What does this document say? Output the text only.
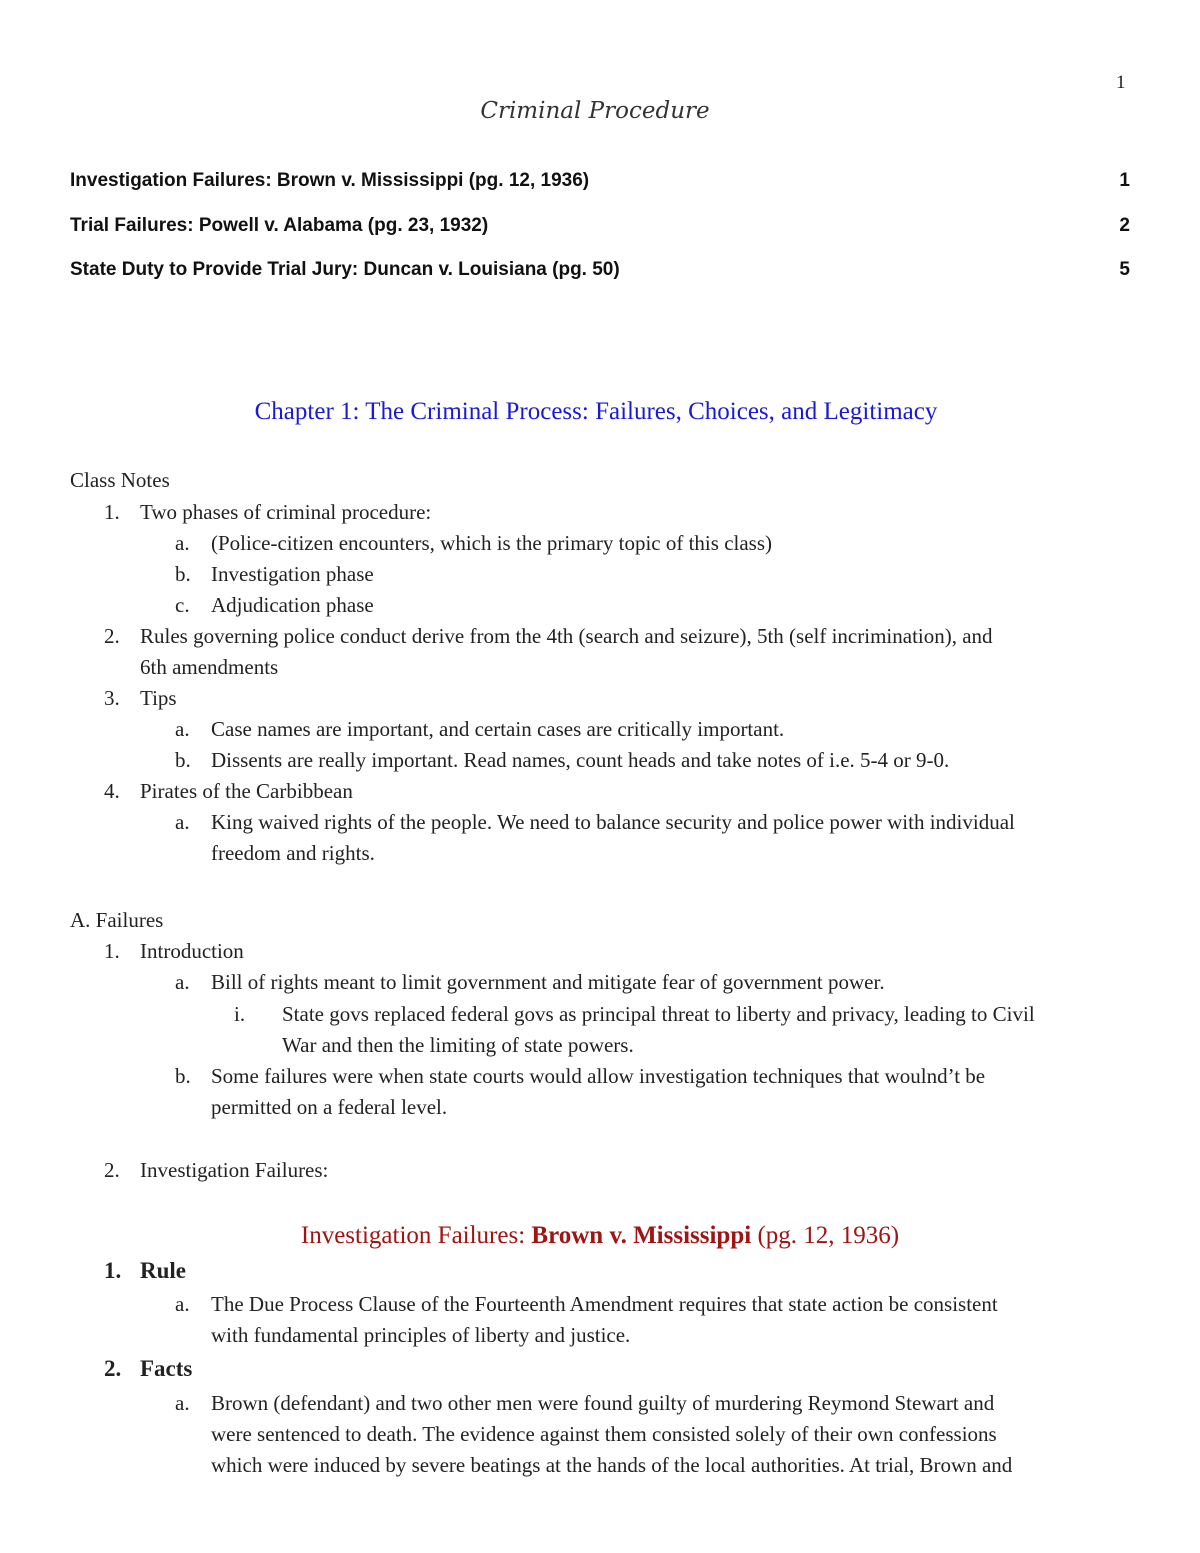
1
Criminal Procedure
Investigation Failures: Brown v. Mississippi (pg. 12, 1936)	1
Trial Failures: Powell v. Alabama (pg. 23, 1932)	2
State Duty to Provide Trial Jury: Duncan v. Louisiana (pg. 50)	5
Chapter 1: The Criminal Process: Failures, Choices, and Legitimacy
Class Notes
1. Two phases of criminal procedure:
a. (Police-citizen encounters, which is the primary topic of this class)
b. Investigation phase
c. Adjudication phase
2. Rules governing police conduct derive from the 4th (search and seizure), 5th (self incrimination), and
6th amendments
3. Tips
a. Case names are important, and certain cases are critically important.
b. Dissents are really important. Read names, count heads and take notes of i.e. 5-4 or 9-0.
4. Pirates of the Carbibbean
a. King waived rights of the people. We need to balance security and police power with individual
freedom and rights.
A. Failures
1. Introduction
a. Bill of rights meant to limit government and mitigate fear of government power.
i. State govs replaced federal govs as principal threat to liberty and privacy, leading to Civil
War and then the limiting of state powers.
b. Some failures were when state courts would allow investigation techniques that woulnd’t be
permitted on a federal level.
2. Investigation Failures:
Investigation Failures: Brown v. Mississippi (pg. 12, 1936)
1. Rule
a. The Due Process Clause of the Fourteenth Amendment requires that state action be consistent
with fundamental principles of liberty and justice.
2. Facts
a. Brown (defendant) and two other men were found guilty of murdering Reymond Stewart and
were sentenced to death. The evidence against them consisted solely of their own confessions
which were induced by severe beatings at the hands of the local authorities. At trial, Brown and
